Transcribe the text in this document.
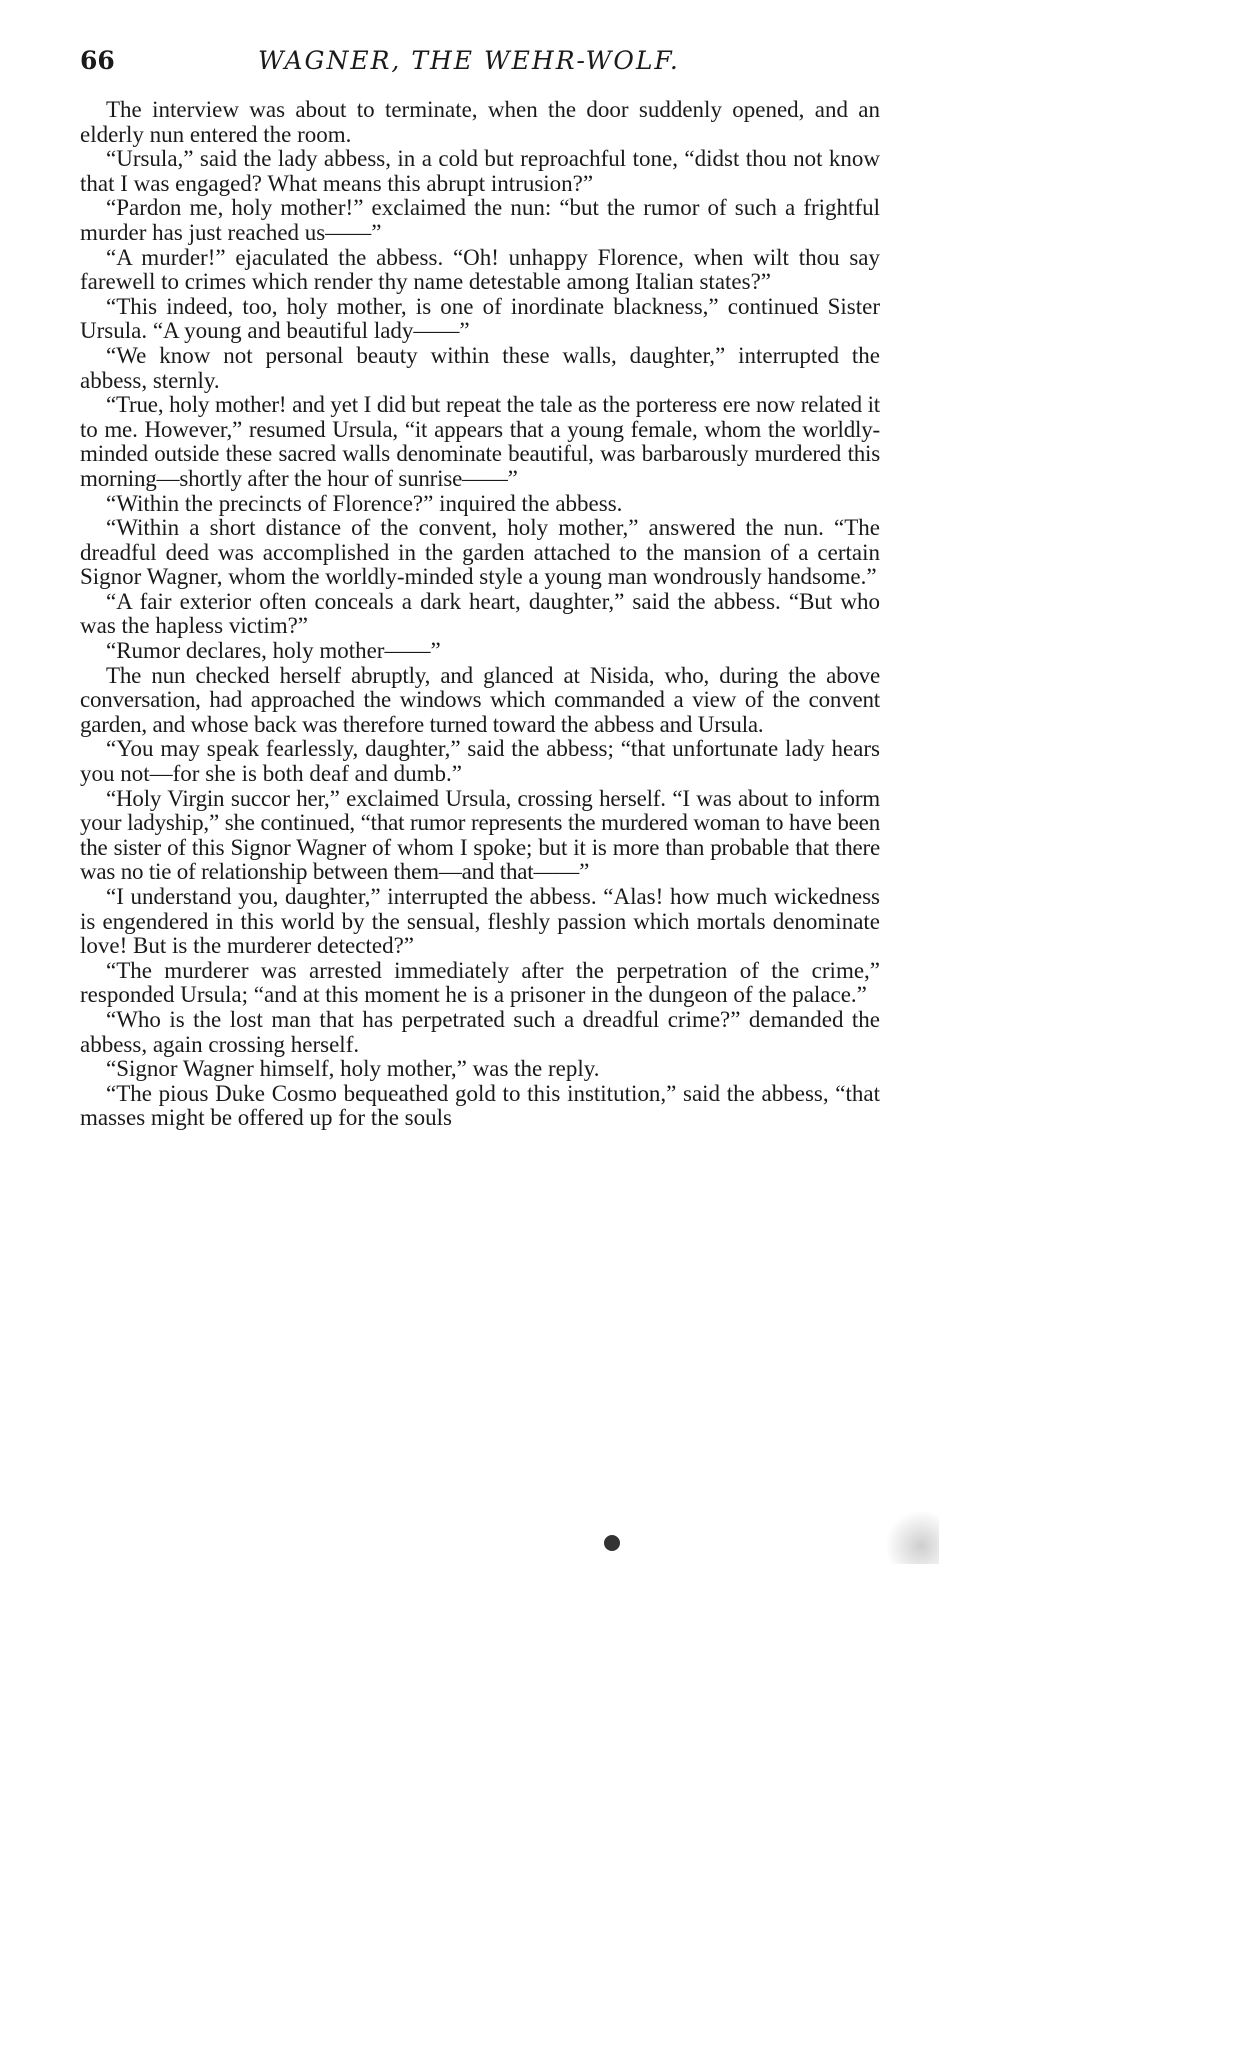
66	WAGNER, THE WEHR-WOLF.

The interview was about to terminate, when the door suddenly opened, and an elderly nun entered the room.

“Ursula,” said the lady abbess, in a cold but reproachful tone, “didst thou not know that I was engaged? What means this abrupt intrusion?”

“Pardon me, holy mother!” exclaimed the nun: “but the rumor of such a frightful murder has just reached us——”

“A murder!” ejaculated the abbess. “Oh! unhappy Florence, when wilt thou say farewell to crimes which render thy name detestable among Italian states?”

“This indeed, too, holy mother, is one of inordinate blackness,” continued Sister Ursula. “A young and beautiful lady——”

“We know not personal beauty within these walls, daughter,” interrupted the abbess, sternly.

“True, holy mother! and yet I did but repeat the tale as the porteress ere now related it to me. However,” resumed Ursula, “it appears that a young female, whom the worldly-minded outside these sacred walls denominate beautiful, was barbarously murdered this morning—shortly after the hour of sunrise——”

“Within the precincts of Florence?” inquired the abbess.

“Within a short distance of the convent, holy mother,” answered the nun. “The dreadful deed was accomplished in the garden attached to the mansion of a certain Signor Wagner, whom the worldly-minded style a young man wondrously handsome.”

“A fair exterior often conceals a dark heart, daughter,” said the abbess. “But who was the hapless victim?”

“Rumor declares, holy mother——”

The nun checked herself abruptly, and glanced at Nisida, who, during the above conversation, had approached the windows which commanded a view of the convent garden, and whose back was therefore turned toward the abbess and Ursula.

“You may speak fearlessly, daughter,” said the abbess; “that unfortunate lady hears you not—for she is both deaf and dumb.”

“Holy Virgin succor her,” exclaimed Ursula, crossing herself. “I was about to inform your ladyship,” she continued, “that rumor represents the murdered woman to have been the sister of this Signor Wagner of whom I spoke; but it is more than probable that there was no tie of relationship between them—and that——”

“I understand you, daughter,” interrupted the abbess. “Alas! how much wickedness is engendered in this world by the sensual, fleshly passion which mortals denominate love! But is the murderer detected?”

“The murderer was arrested immediately after the perpetration of the crime,” responded Ursula; “and at this moment he is a prisoner in the dungeon of the palace.”

“Who is the lost man that has perpetrated such a dreadful crime?” demanded the abbess, again crossing herself.

“Signor Wagner himself, holy mother,” was the reply.

“The pious Duke Cosmo bequeathed gold to this institution,” said the abbess, “that masses might be offered up for the souls
